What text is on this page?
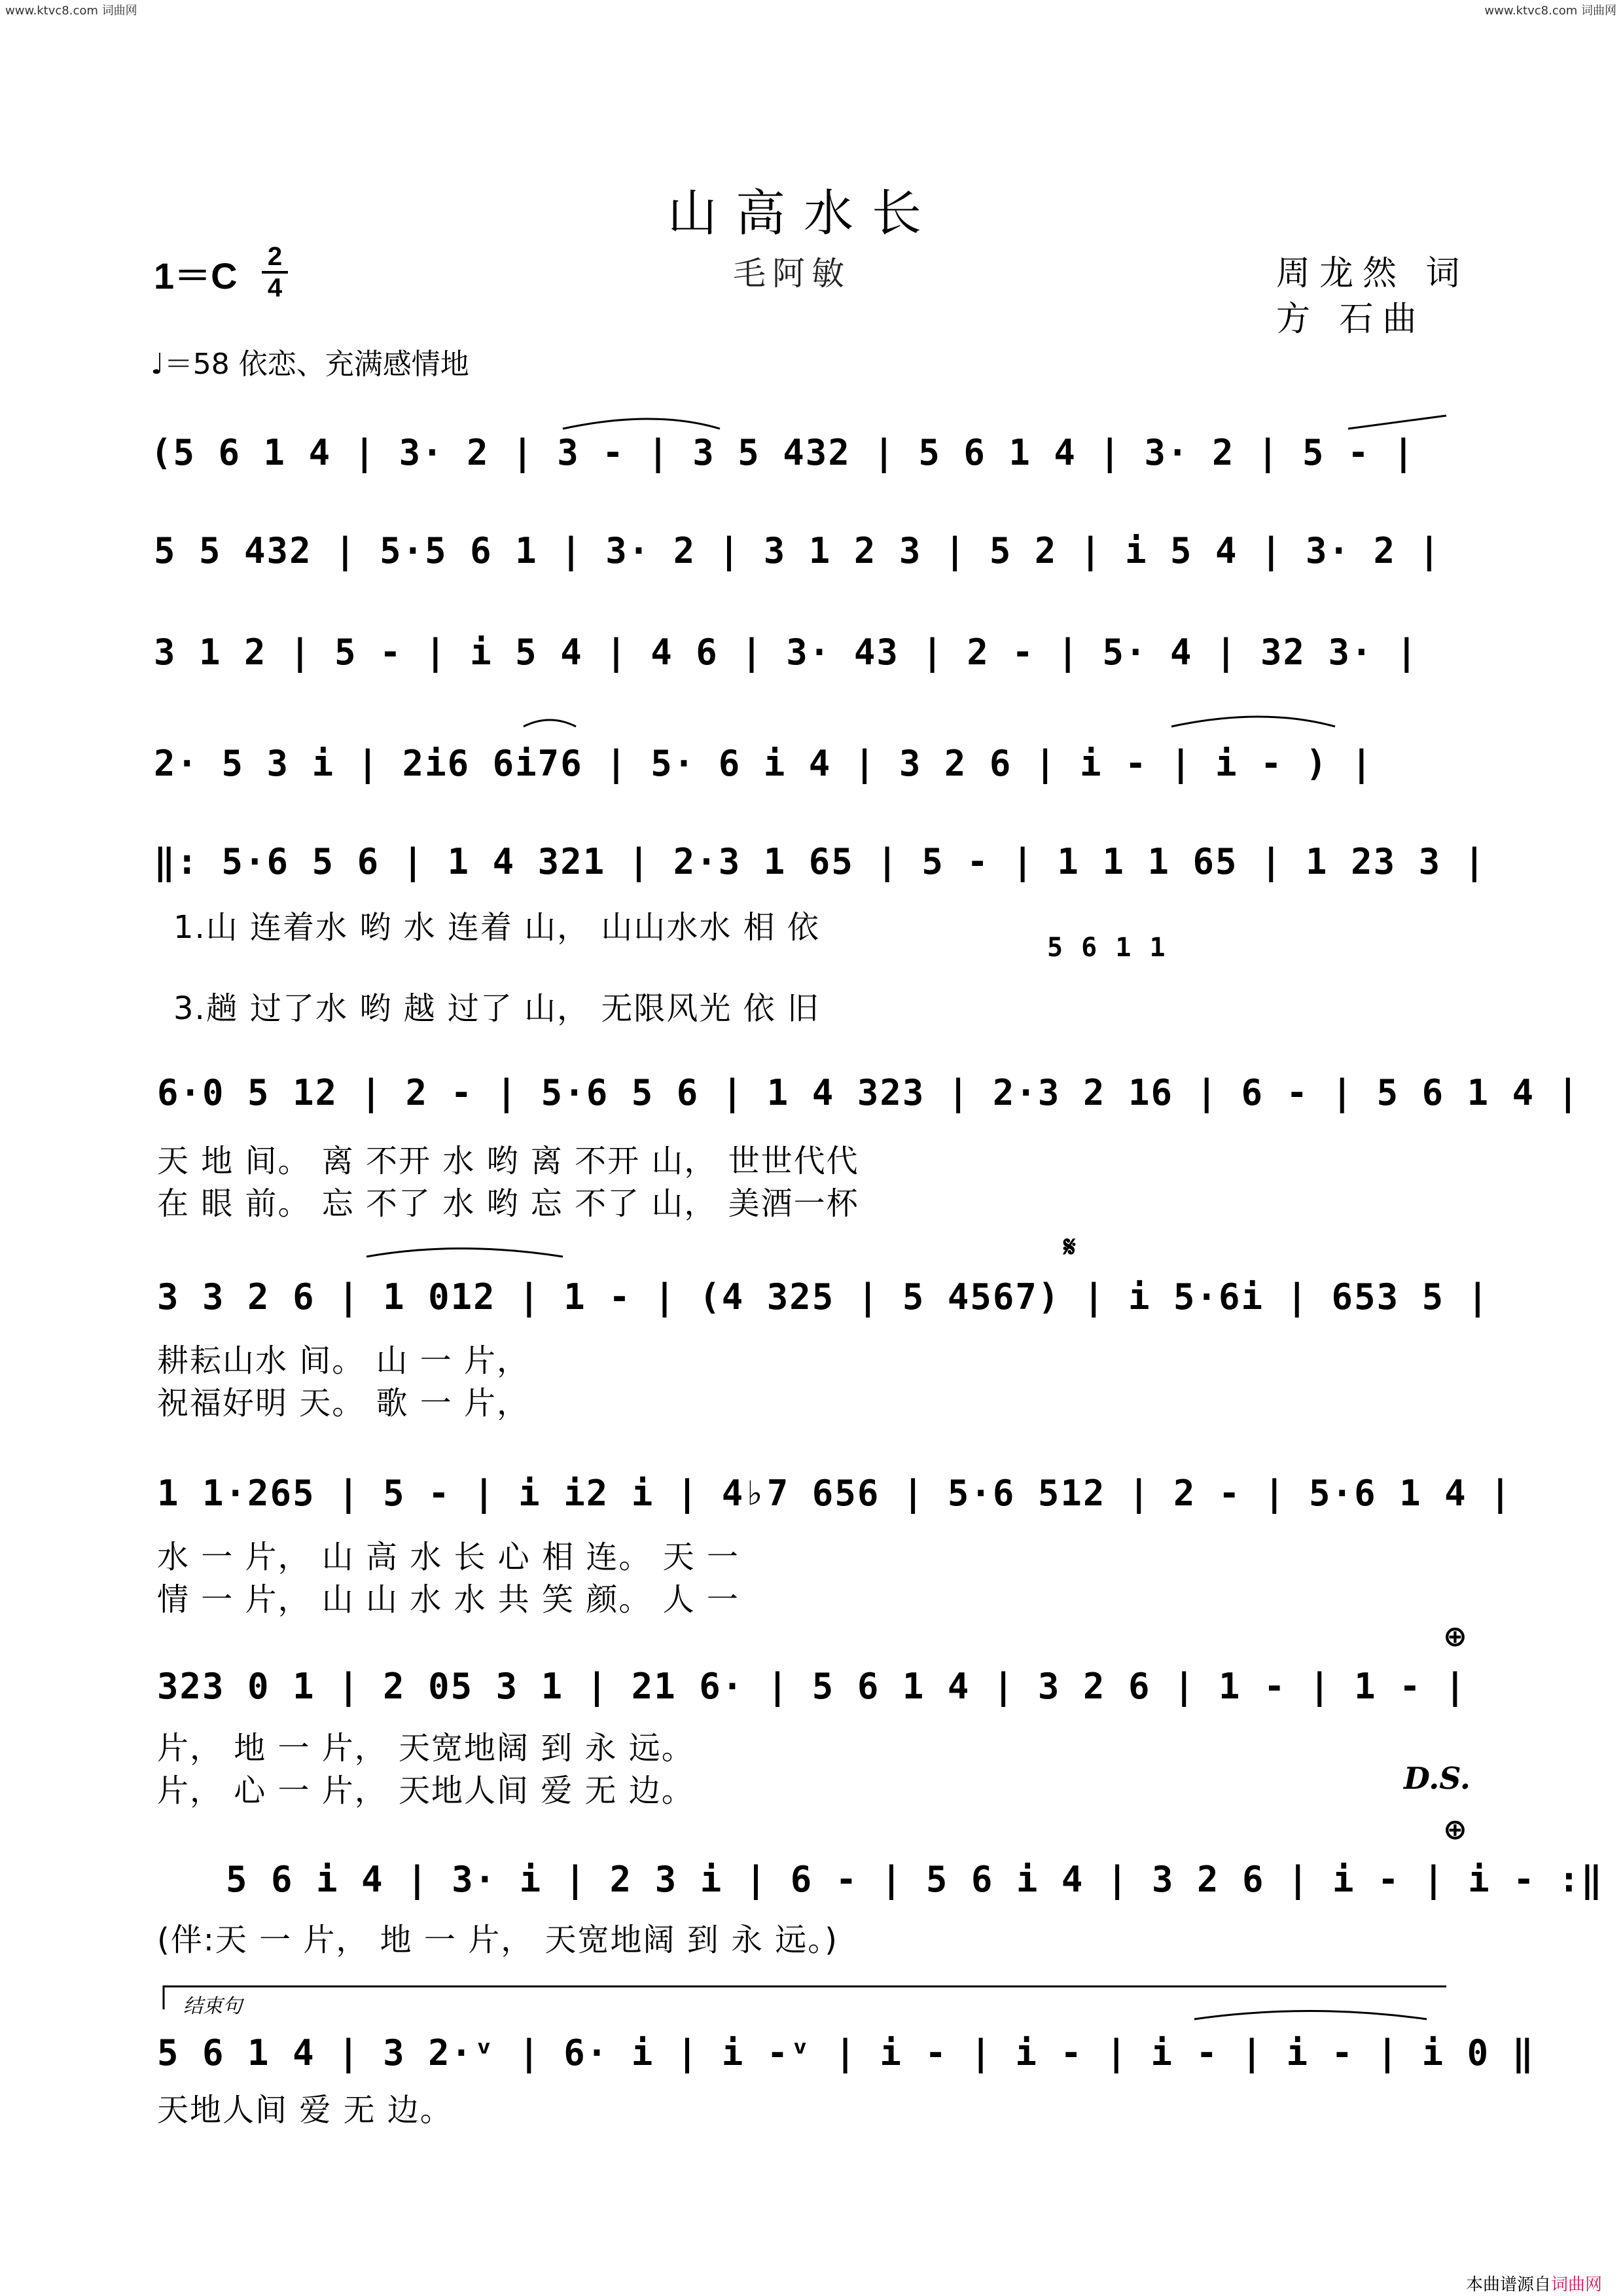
www.ktvc8.com 词曲网	www.ktvc8.com 词曲网
山高水长
毛阿敏
1＝C 2
4	周龙然 词
方 石曲
♩＝58 依恋、充满感情地
(5 6 1 4 | 3· 2 | 3 - | 3 5 432 | 5 6 1 4 | 3· 2 | 5 - |
5 5 432 | 5·5 6 1 | 3· 2 | 3 1 2 3 | 5 2 | i 5 4 | 3· 2 |
3 1 2 | 5 - | i 5 4 | 4 6 | 3· 43 | 2 - | 5· 4 | 32 3· |
2· 5 3 i | 2i6 6i76 | 5· 6 i 4 | 3 2 6 | i - | i - ) |
‖: 5·6 5 6 | 1 4 321 | 2·3 1 65 | 5 - | 1 1 1 65 | 1 23 3 |
1.山 连着水 哟 水 连着 山， 山山水水 相 依
5 6 1 1
3.趟 过了水 哟 越 过了 山， 无限风光 依 旧
6·0 5 12 | 2 - | 5·6 5 6 | 1 4 323 | 2·3 2 16 | 6 - | 5 6 1 4 |
天 地 间。 离 不开 水 哟 离 不开 山， 世世代代
在 眼 前。 忘 不了 水 哟 忘 不了 山， 美酒一杯
𝄋
3 3 2 6 | 1 012 | 1 - | (4 325 | 5 4567) | i 5·6i | 653 5 |
耕耘山水 间。 山 一 片，
祝福好明 天。 歌 一 片，
1 1·265 | 5 - | i i2 i | 4♭7 656 | 5·6 512 | 2 - | 5·6 1 4 |
水 一 片， 山 高 水 长 心 相 连。 天 一
情 一 片， 山 山 水 水 共 笑 颜。 人 一
⊕
323 0 1 | 2 05 3 1 | 21 6· | 5 6 1 4 | 3 2 6 | 1 - | 1 - |
片， 地 一 片， 天宽地阔 到 永 远。
片， 心 一 片， 天地人间 爱 无 边。	D.S.
⊕
5 6 i 4 | 3· i | 2 3 i | 6 - | 5 6 i 4 | 3 2 6 | i - | i - :‖
(伴:天 一 片， 地 一 片， 天宽地阔 到 永 远。)
结束句
5 6 1 4 | 3 2·ᵛ | 6· i | i -ᵛ | i - | i - | i - | i - | i 0 ‖
天地人间 爱 无 边。
本曲谱源自 词曲网
